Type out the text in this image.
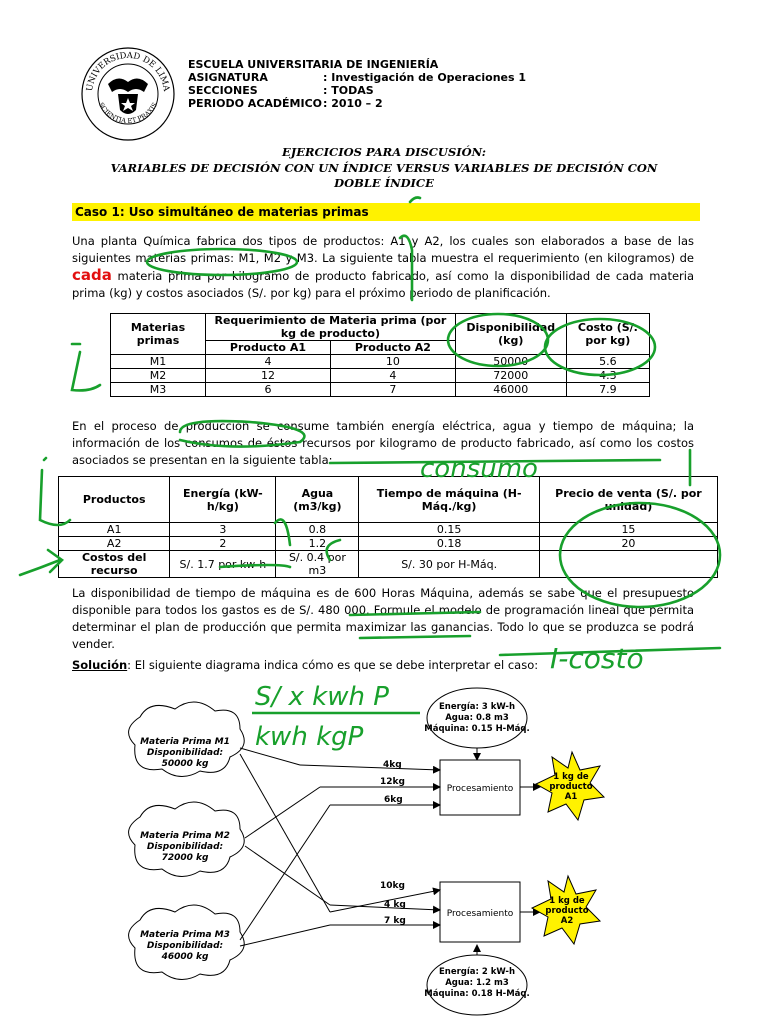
UNIVERSIDAD DE LIMA
SCIENTIA ET PRAXIS
ESCUELA UNIVERSITARIA DE INGENIERÍA
ASIGNATURA	: Investigación de Operaciones 1
SECCIONES	: TODAS
PERIODO ACADÉMICO : 2010 – 2
EJERCICIOS PARA DISCUSIÓN:
VARIABLES DE DECISIÓN CON UN ÍNDICE VERSUS VARIABLES DE DECISIÓN CON DOBLE ÍNDICE
Caso 1: Uso simultáneo de materias primas

Una planta Química fabrica dos tipos de productos: A1 y A2, los cuales son elaborados a base de las siguientes materias primas: M1, M2 y M3. La siguiente tabla muestra el requerimiento (en kilogramos) de cada materia prima por kilogramo de producto fabricado, así como la disponibilidad de cada materia prima (kg) y costos asociados (S/. por kg) para el próximo periodo de planificación.

Materias primas	Requerimiento de Materia prima (por kg de producto)		Disponibilidad (kg)	Costo (S/. por kg)
	Producto A1	Producto A2		
M1	4	10	50000	5.6
M2	12	4	72000	4.3
M3	6	7	46000	7.9

En el proceso de producción se consume también energía eléctrica, agua y tiempo de máquina; la información de los consumos de éstos recursos por kilogramo de producto fabricado, así como los costos asociados se presentan en la siguiente tabla:

Productos	Energía (kW-h/kg)	Agua (m3/kg)	Tiempo de máquina (H-Máq./kg)	Precio de venta (S/. por unidad)
A1	3	0.8	0.15	15
A2	2	1.2	0.18	20
Costos del recurso	S/. 1.7 por kw-h	S/. 0.4 por m3	S/. 30 por H-Máq.	

La disponibilidad de tiempo de máquina es de 600 Horas Máquina, además se sabe que el presupuesto disponible para todos los gastos es de S/. 480 000. Formule el modelo de programación lineal que permita determinar el plan de producción que permita maximizar las ganancias. Todo lo que se produzca se podrá vender.

Solución: El siguiente diagrama indica cómo es que se debe interpretar el caso:
Materia Prima M1
Disponibilidad:
50000 kg
Materia Prima M2
Disponibilidad:
72000 kg
Materia Prima M3
Disponibilidad:
46000 kg
Energía: 3 kW-h
Agua: 0.8 m3
Máquina: 0.15 H-Máq.
Energía: 2 kW-h
Agua: 1.2 m3
Máquina: 0.18 H-Máq.
Procesamiento
Procesamiento
1 kg de
producto
A1
1 kg de
producto
A2
4kg
12kg
6kg
10kg
4 kg
7 kg
consumo
I-costo
S/ x kwh P
kwh kgP
